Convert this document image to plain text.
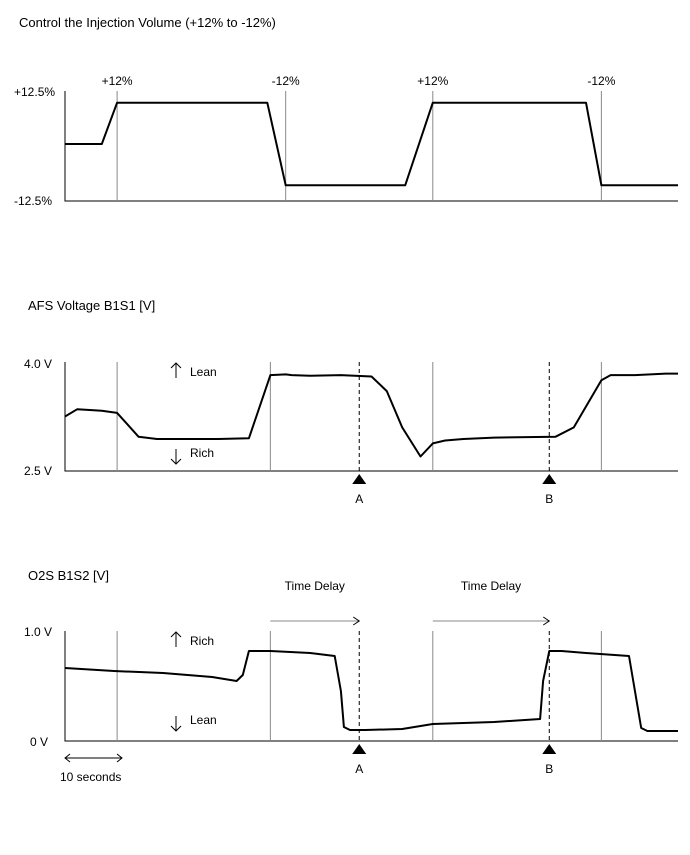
Control the Injection Volume (+12% to -12%)
+12.5%
-12.5%
+12%	-12%	+12%	-12%
AFS Voltage B1S1 [V]
4.0 V
2.5 V
Lean
Rich
A	B
O2S B1S2 [V]
1.0 V
0 V
Time Delay	Time Delay
Rich
Lean
A	B
10 seconds
